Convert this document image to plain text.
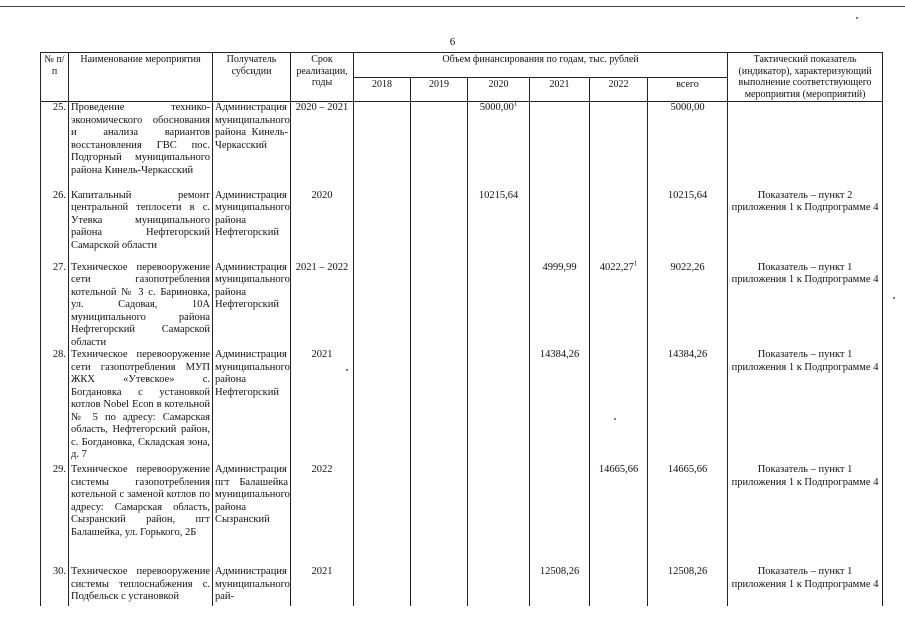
6
№ п/п	Наименование мероприятия	Получатель субсидии	Срок реализации, годы	Объем финансирования по годам, тыс. рублей						Тактический показатель (индикатор), характеризующий выполнение соответствующего мероприятия (мероприятий)
				2018	2019	2020	2021	2022	всего	
25.	Проведение технико-экономического обоснования и анализа вариантов восстановления ГВС пос. Подгорный муниципального района Кинель-Черкасский	Администрация муниципального района Кинель-Черкасский	2020 – 2021			5000,00$^1$			5000,00	
26.	Капитальный ремонт центральной теплосети в с. Утевка муниципального района Нефтегорский Самарской области	Администрация муниципального района Нефтегорский	2020			10215,64			10215,64	Показатель – пункт 2 приложения 1 к Подпрограмме 4
27.	Техническое перевооружение сети газопотребления котельной № 3 с. Бариновка, ул. Садовая, 10А муниципального района Нефтегорский Самарской области	Администрация муниципального района Нефтегорский	2021 – 2022				4999,99	4022,27$^1$	9022,26	Показатель – пункт 1 приложения 1 к Подпрограмме 4
28.	Техническое перевооружение сети газопотребления МУП ЖКХ «Утевское» с. Богдановка с установкой котлов Nobel Econ в котельной № 5 по адресу: Самарская область, Нефтегорский район, с. Богдановка, Складская зона, д. 7	Администрация муниципального района Нефтегорский	2021				14384,26		14384,26	Показатель – пункт 1 приложения 1 к Подпрограмме 4
29.	Техническое перевооружение системы газопотребления котельной с заменой котлов по адресу: Самарская область, Сызранский район, пгт Балашейка, ул. Горького, 2Б	Администрация пгт Балашейка муниципального района Сызранский	2022					14665,66	14665,66	Показатель – пункт 1 приложения 1 к Подпрограмме 4
30.	Техническое перевооружение системы теплоснабжения с. Подбельск с установкой	Администрация муниципального рай-	2021				12508,26		12508,26	Показатель – пункт 1 приложения 1 к Подпрограмме 4
